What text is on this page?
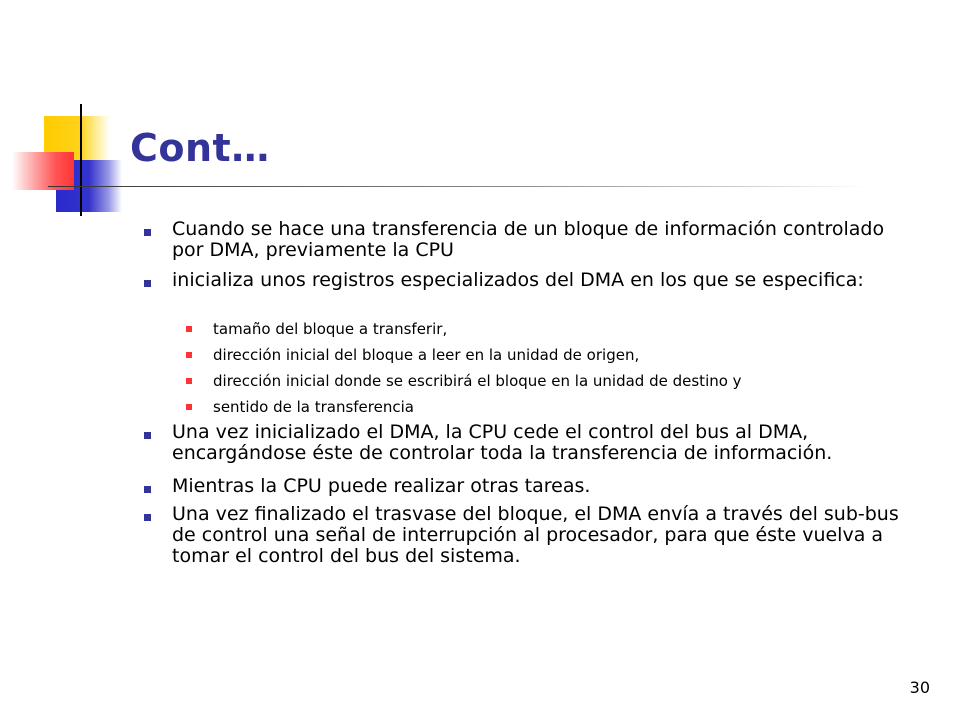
Cont…
Cuando se hace una transferencia de un bloque de información controlado por DMA, previamente la CPU
inicializa unos registros especializados del DMA en los que se especifica:
tamaño del bloque a transferir,
dirección inicial del bloque a leer en la unidad de origen,
dirección inicial donde se escribirá el bloque en la unidad de destino y
sentido de la transferencia
Una vez inicializado el DMA, la CPU cede el control del bus al DMA, encargándose éste de controlar toda la transferencia de información.
Mientras la CPU puede realizar otras tareas.
Una vez finalizado el trasvase del bloque, el DMA envía a través del sub-bus de control una señal de interrupción al procesador, para que éste vuelva a tomar el control del bus del sistema.
30
